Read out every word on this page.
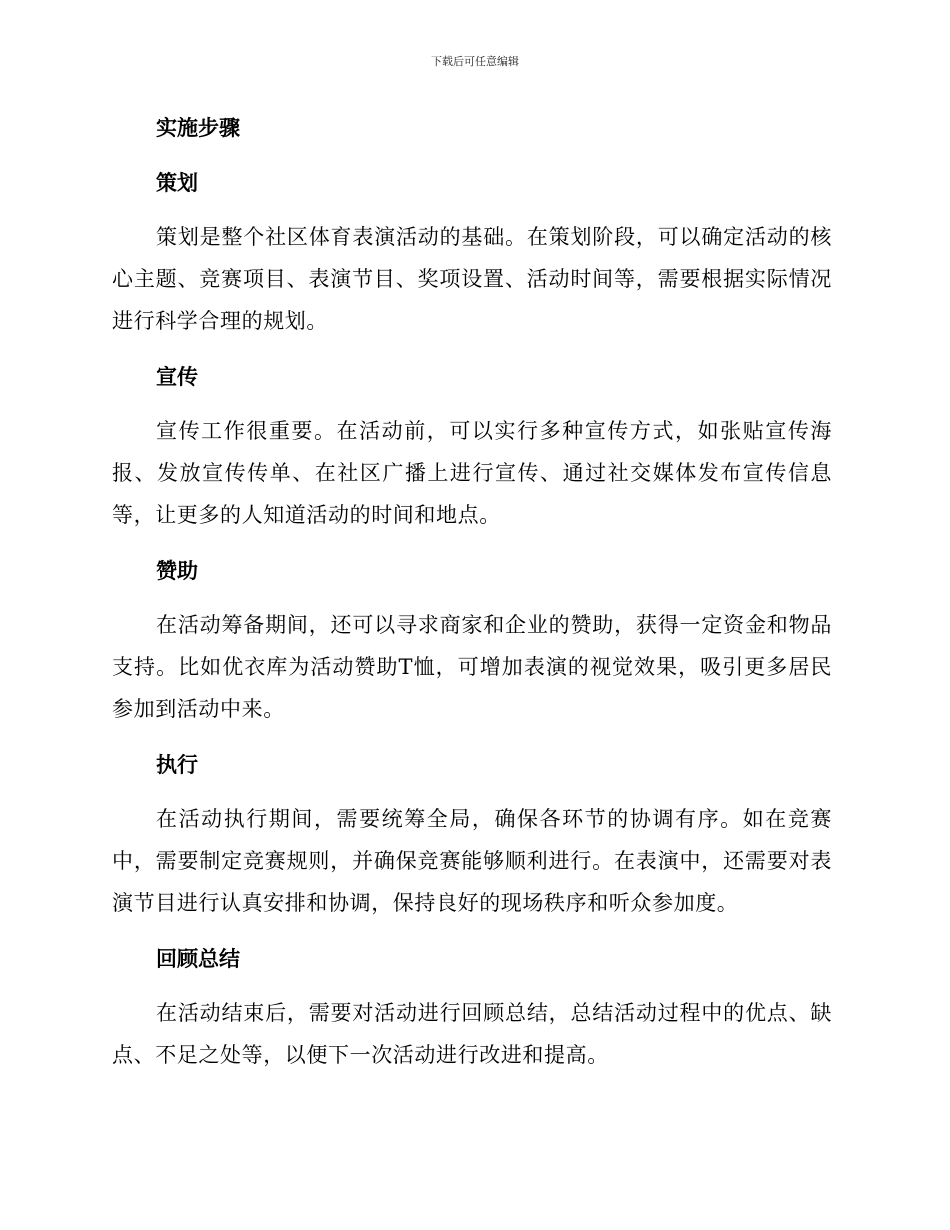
下载后可任意编辑
实施步骤
策划

策划是整个社区体育表演活动的基础。在策划阶段，可以确定活动的核心主题、竞赛项目、表演节目、奖项设置、活动时间等，需要根据实际情况进行科学合理的规划。

宣传

宣传工作很重要。在活动前，可以实行多种宣传方式，如张贴宣传海报、发放宣传传单、在社区广播上进行宣传、通过社交媒体发布宣传信息等，让更多的人知道活动的时间和地点。

赞助

在活动筹备期间，还可以寻求商家和企业的赞助，获得一定资金和物品支持。比如优衣库为活动赞助T恤，可增加表演的视觉效果，吸引更多居民参加到活动中来。

执行

在活动执行期间，需要统筹全局，确保各环节的协调有序。如在竞赛中，需要制定竞赛规则，并确保竞赛能够顺利进行。在表演中，还需要对表演节目进行认真安排和协调，保持良好的现场秩序和听众参加度。

回顾总结

在活动结束后，需要对活动进行回顾总结，总结活动过程中的优点、缺点、不足之处等，以便下一次活动进行改进和提高。
